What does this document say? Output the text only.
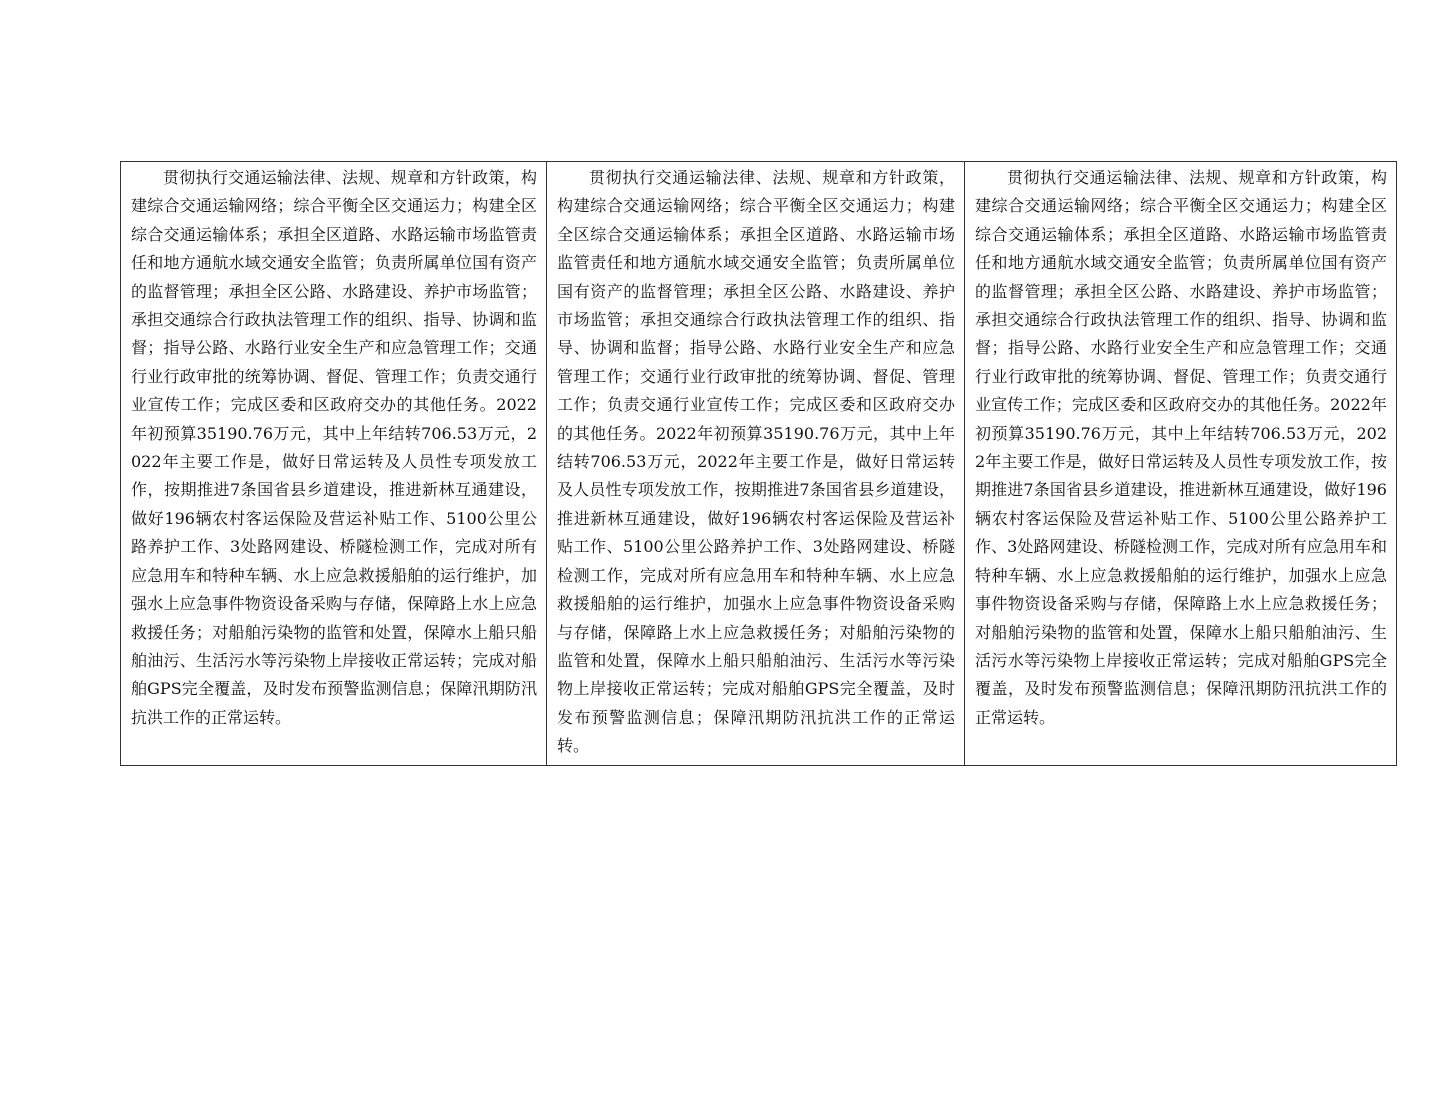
贯彻执行交通运输法律、法规、规章和方针政策，构建综合交通运输网络；综合平衡全区交通运力；构建全区综合交通运输体系；承担全区道路、水路运输市场监管责任和地方通航水域交通安全监管；负责所属单位国有资产的监督管理；承担全区公路、水路建设、养护市场监管；承担交通综合行政执法管理工作的组织、指导、协调和监督；指导公路、水路行业安全生产和应急管理工作；交通行业行政审批的统筹协调、督促、管理工作；负责交通行业宣传工作；完成区委和区政府交办的其他任务。2022年初预算35190.76万元，其中上年结转706.53万元，2022年主要工作是，做好日常运转及人员性专项发放工作，按期推进7条国省县乡道建设，推进新林互通建设，做好196辆农村客运保险及营运补贴工作、5100公里公路养护工作、3处路网建设、桥隧检测工作，完成对所有应急用车和特种车辆、水上应急救援船舶的运行维护，加强水上应急事件物资设备采购与存储，保障路上水上应急救援任务；对船舶污染物的监管和处置，保障水上船只船舶油污、生活污水等污染物上岸接收正常运转；完成对船舶GPS完全覆盖，及时发布预警监测信息；保障汛期防汛抗洪工作的正常运转。

贯彻执行交通运输法律、法规、规章和方针政策，构建综合交通运输网络；综合平衡全区交通运力；构建全区综合交通运输体系；承担全区道路、水路运输市场监管责任和地方通航水域交通安全监管；负责所属单位国有资产的监督管理；承担全区公路、水路建设、养护市场监管；承担交通综合行政执法管理工作的组织、指导、协调和监督；指导公路、水路行业安全生产和应急管理工作；交通行业行政审批的统筹协调、督促、管理工作；负责交通行业宣传工作；完成区委和区政府交办的其他任务。2022年初预算35190.76万元，其中上年结转706.53万元，2022年主要工作是，做好日常运转及人员性专项发放工作，按期推进7条国省县乡道建设，推进新林互通建设，做好196辆农村客运保险及营运补贴工作、5100公里公路养护工作、3处路网建设、桥隧检测工作，完成对所有应急用车和特种车辆、水上应急救援船舶的运行维护，加强水上应急事件物资设备采购与存储，保障路上水上应急救援任务；对船舶污染物的监管和处置，保障水上船只船舶油污、生活污水等污染物上岸接收正常运转；完成对船舶GPS完全覆盖，及时发布预警监测信息；保障汛期防汛抗洪工作的正常运转。

贯彻执行交通运输法律、法规、规章和方针政策，构建综合交通运输网络；综合平衡全区交通运力；构建全区综合交通运输体系；承担全区道路、水路运输市场监管责任和地方通航水域交通安全监管；负责所属单位国有资产的监督管理；承担全区公路、水路建设、养护市场监管；承担交通综合行政执法管理工作的组织、指导、协调和监督；指导公路、水路行业安全生产和应急管理工作；交通行业行政审批的统筹协调、督促、管理工作；负责交通行业宣传工作；完成区委和区政府交办的其他任务。2022年初预算35190.76万元，其中上年结转706.53万元，2022年主要工作是，做好日常运转及人员性专项发放工作，按期推进7条国省县乡道建设，推进新林互通建设，做好196辆农村客运保险及营运补贴工作、5100公里公路养护工作、3处路网建设、桥隧检测工作，完成对所有应急用车和特种车辆、水上应急救援船舶的运行维护，加强水上应急事件物资设备采购与存储，保障路上水上应急救援任务；对船舶污染物的监管和处置，保障水上船只船舶油污、生活污水等污染物上岸接收正常运转；完成对船舶GPS完全覆盖，及时发布预警监测信息；保障汛期防汛抗洪工作的正常运转。
